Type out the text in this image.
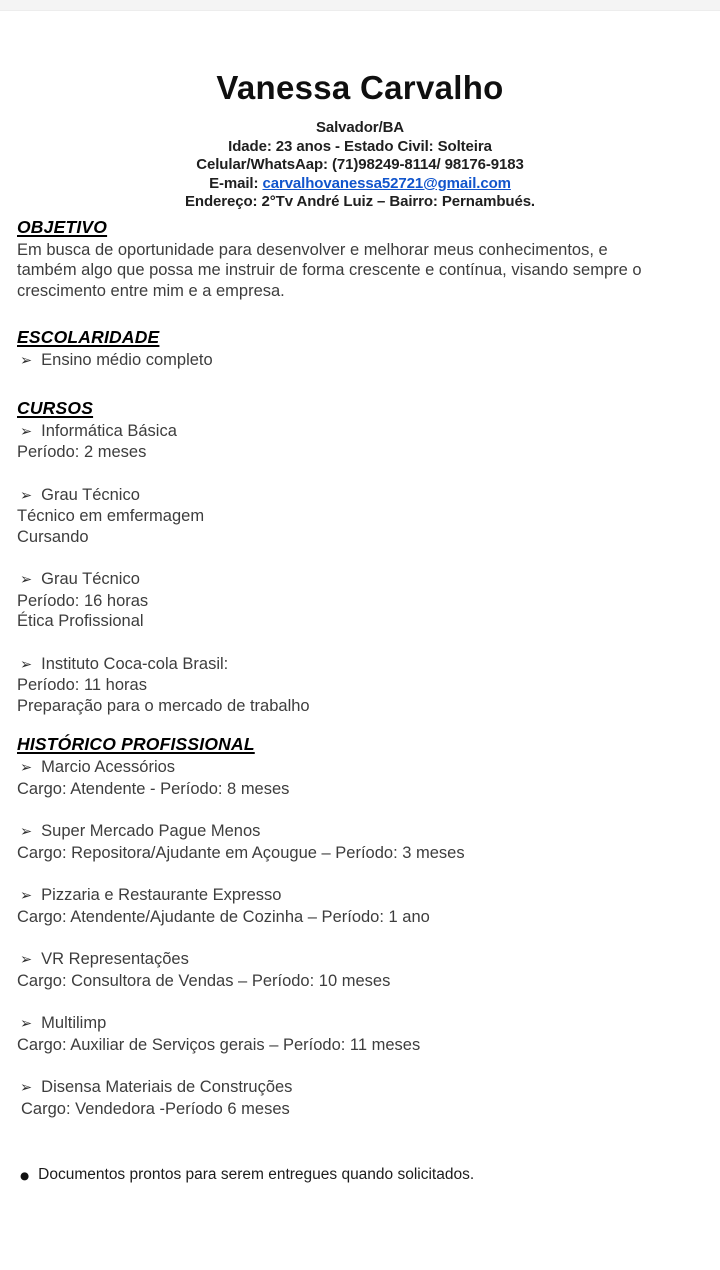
Vanessa Carvalho
Salvador/BA
Idade: 23 anos - Estado Civil: Solteira
Celular/WhatsAap: (71)98249-8114/ 98176-9183
E-mail: carvalhovanessa52721@gmail.com
Endereço: 2°Tv André Luiz – Bairro: Pernambués.
OBJETIVO
Em busca de oportunidade para desenvolver e melhorar meus conhecimentos, e também algo que possa me instruir de forma crescente e contínua, visando sempre o crescimento entre mim e a empresa.
ESCOLARIDADE
➢ Ensino médio completo
CURSOS
➢ Informática Básica
Período: 2 meses
➢ Grau Técnico
Técnico em emfermagem
Cursando
➢ Grau Técnico
Período: 16 horas
Ética Profissional
➢ Instituto Coca-cola Brasil:
Período: 11 horas
Preparação para o mercado de trabalho
HISTÓRICO PROFISSIONAL
➢ Marcio Acessórios
Cargo: Atendente - Período: 8 meses
➢ Super Mercado Pague Menos
Cargo: Repositora/Ajudante em Açougue – Período: 3 meses
➢ Pizzaria e Restaurante Expresso
Cargo: Atendente/Ajudante de Cozinha – Período: 1 ano
➢ VR Representações
Cargo: Consultora de Vendas – Período: 10 meses
➢ Multilimp
Cargo: Auxiliar de Serviços gerais – Período: 11 meses
➢ Disensa Materiais de Construções
Cargo: Vendedora -Período 6 meses
● Documentos prontos para serem entregues quando solicitados.
